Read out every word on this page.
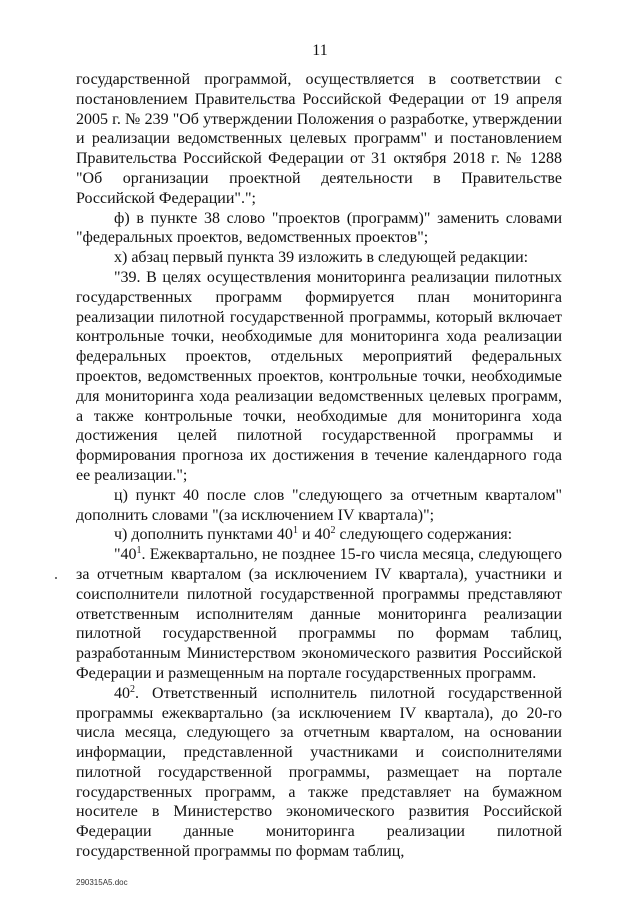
11

государственной программой, осуществляется в соответствии с постановлением Правительства Российской Федерации от 19 апреля 2005 г. № 239 "Об утверждении Положения о разработке, утверждении и реализации ведомственных целевых программ" и постановлением Правительства Российской Федерации от 31 октября 2018 г. № 1288 "Об организации проектной деятельности в Правительстве Российской Федерации".";

ф) в пункте 38 слово "проектов (программ)" заменить словами "федеральных проектов, ведомственных проектов";

х) абзац первый пункта 39 изложить в следующей редакции:

"39. В целях осуществления мониторинга реализации пилотных государственных программ формируется план мониторинга реализации пилотной государственной программы, который включает контрольные точки, необходимые для мониторинга хода реализации федеральных проектов, отдельных мероприятий федеральных проектов, ведомственных проектов, контрольные точки, необходимые для мониторинга хода реализации ведомственных целевых программ, а также контрольные точки, необходимые для мониторинга хода достижения целей пилотной государственной программы и формирования прогноза их достижения в течение календарного года ее реализации.";

ц) пункт 40 после слов "следующего за отчетным кварталом" дополнить словами "(за исключением IV квартала)";

ч) дополнить пунктами $40^1$ и $40^2$ следующего содержания:

"$40^1$. Ежеквартально, не позднее 15-го числа месяца, следующего за отчетным кварталом (за исключением IV квартала), участники и соисполнители пилотной государственной программы представляют ответственным исполнителям данные мониторинга реализации пилотной государственной программы по формам таблиц, разработанным Министерством экономического развития Российской Федерации и размещенным на портале государственных программ.

$40^2$. Ответственный исполнитель пилотной государственной программы ежеквартально (за исключением IV квартала), до 20-го числа месяца, следующего за отчетным кварталом, на основании информации, представленной участниками и соисполнителями пилотной государственной программы, размещает на портале государственных программ, а также представляет на бумажном носителе в Министерство экономического развития Российской Федерации данные мониторинга реализации пилотной государственной программы по формам таблиц,

290315A5.doc
